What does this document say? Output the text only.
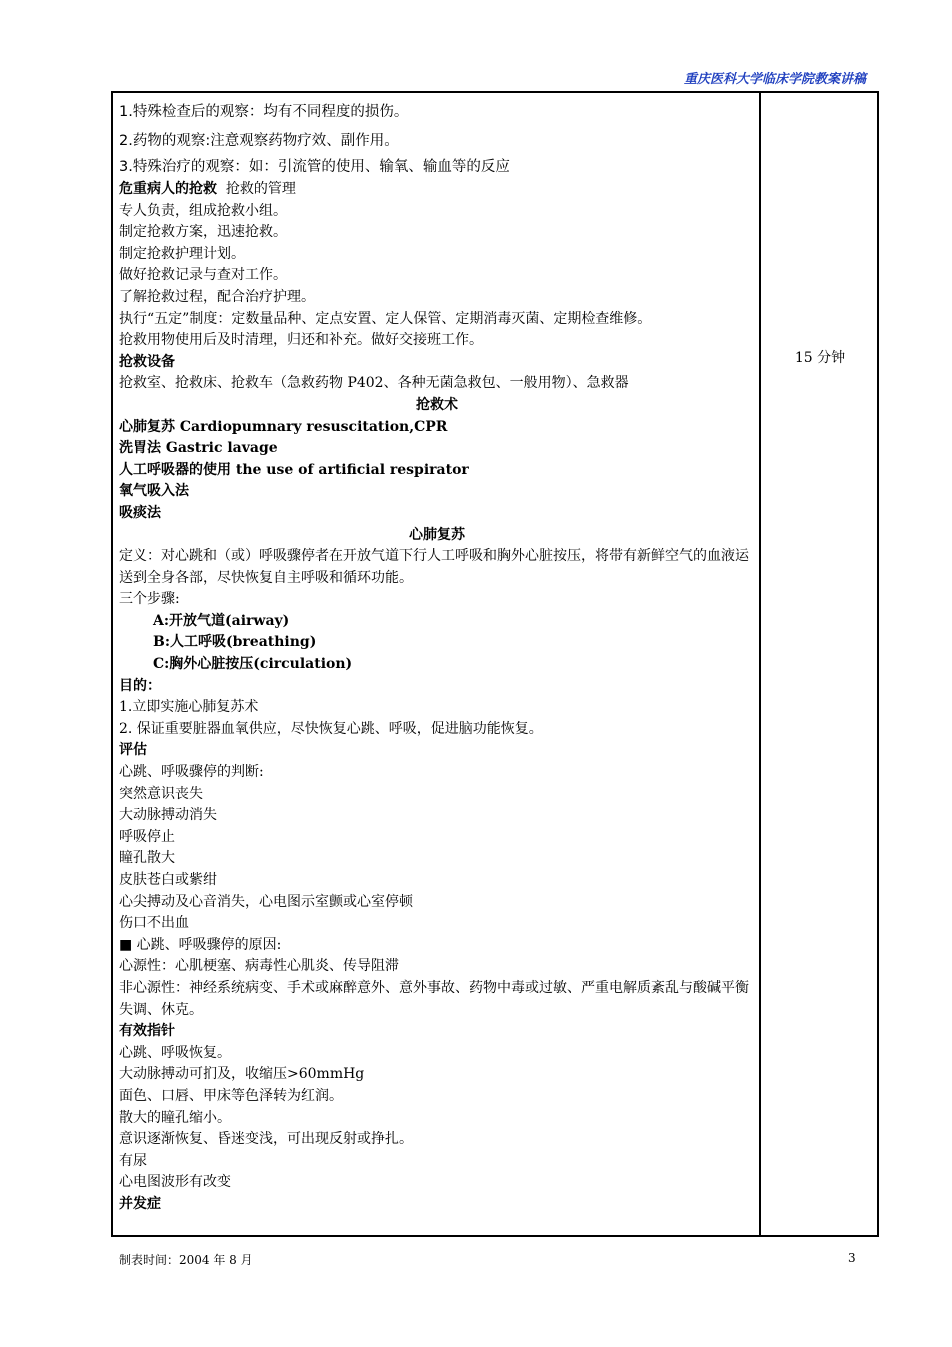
重庆医科大学临床学院教案讲稿
15 分钟
1.特殊检查后的观察：均有不同程度的损伤。
2.药物的观察:注意观察药物疗效、副作用。
3.特殊治疗的观察：如：引流管的使用、输氧、输血等的反应
危重病人的抢救 抢救的管理
专人负责，组成抢救小组。
制定抢救方案，迅速抢救。
制定抢救护理计划。
做好抢救记录与查对工作。
了解抢救过程，配合治疗护理。
执行“五定”制度：定数量品种、定点安置、定人保管、定期消毒灭菌、定期检查维修。
抢救用物使用后及时清理，归还和补充。做好交接班工作。
抢救设备
抢救室、抢救床、抢救车（急救药物 P402、各种无菌急救包、一般用物）、急救器
抢救术
心肺复苏 Cardiopumnary resuscitation,CPR
洗胃法 Gastric lavage
人工呼吸器的使用 the use of artificial respirator
氧气吸入法
吸痰法
心肺复苏
定义：对心跳和（或）呼吸骤停者在开放气道下行人工呼吸和胸外心脏按压，将带有新鲜空气的血液运送到全身各部，尽快恢复自主呼吸和循环功能。
三个步骤:
A:开放气道(airway)
B:人工呼吸(breathing)
C:胸外心脏按压(circulation)
目的：
1.立即实施心肺复苏术
2. 保证重要脏器血氧供应，尽快恢复心跳、呼吸，促进脑功能恢复。
评估
心跳、呼吸骤停的判断:
突然意识丧失
大动脉搏动消失
呼吸停止
瞳孔散大
皮肤苍白或紫绀
心尖搏动及心音消失，心电图示室颤或心室停顿
伤口不出血
■ 心跳、呼吸骤停的原因:
心源性：心肌梗塞、病毒性心肌炎、传导阻滞
非心源性：神经系统病变、手术或麻醉意外、意外事故、药物中毒或过敏、严重电解质紊乱与酸碱平衡失调、休克。
有效指针
心跳、呼吸恢复。
大动脉搏动可扪及，收缩压>60mmHg
面色、口唇、甲床等色泽转为红润。
散大的瞳孔缩小。
意识逐渐恢复、昏迷变浅，可出现反射或挣扎。
有尿
心电图波形有改变
并发症
制表时间：2004 年 8 月	3
